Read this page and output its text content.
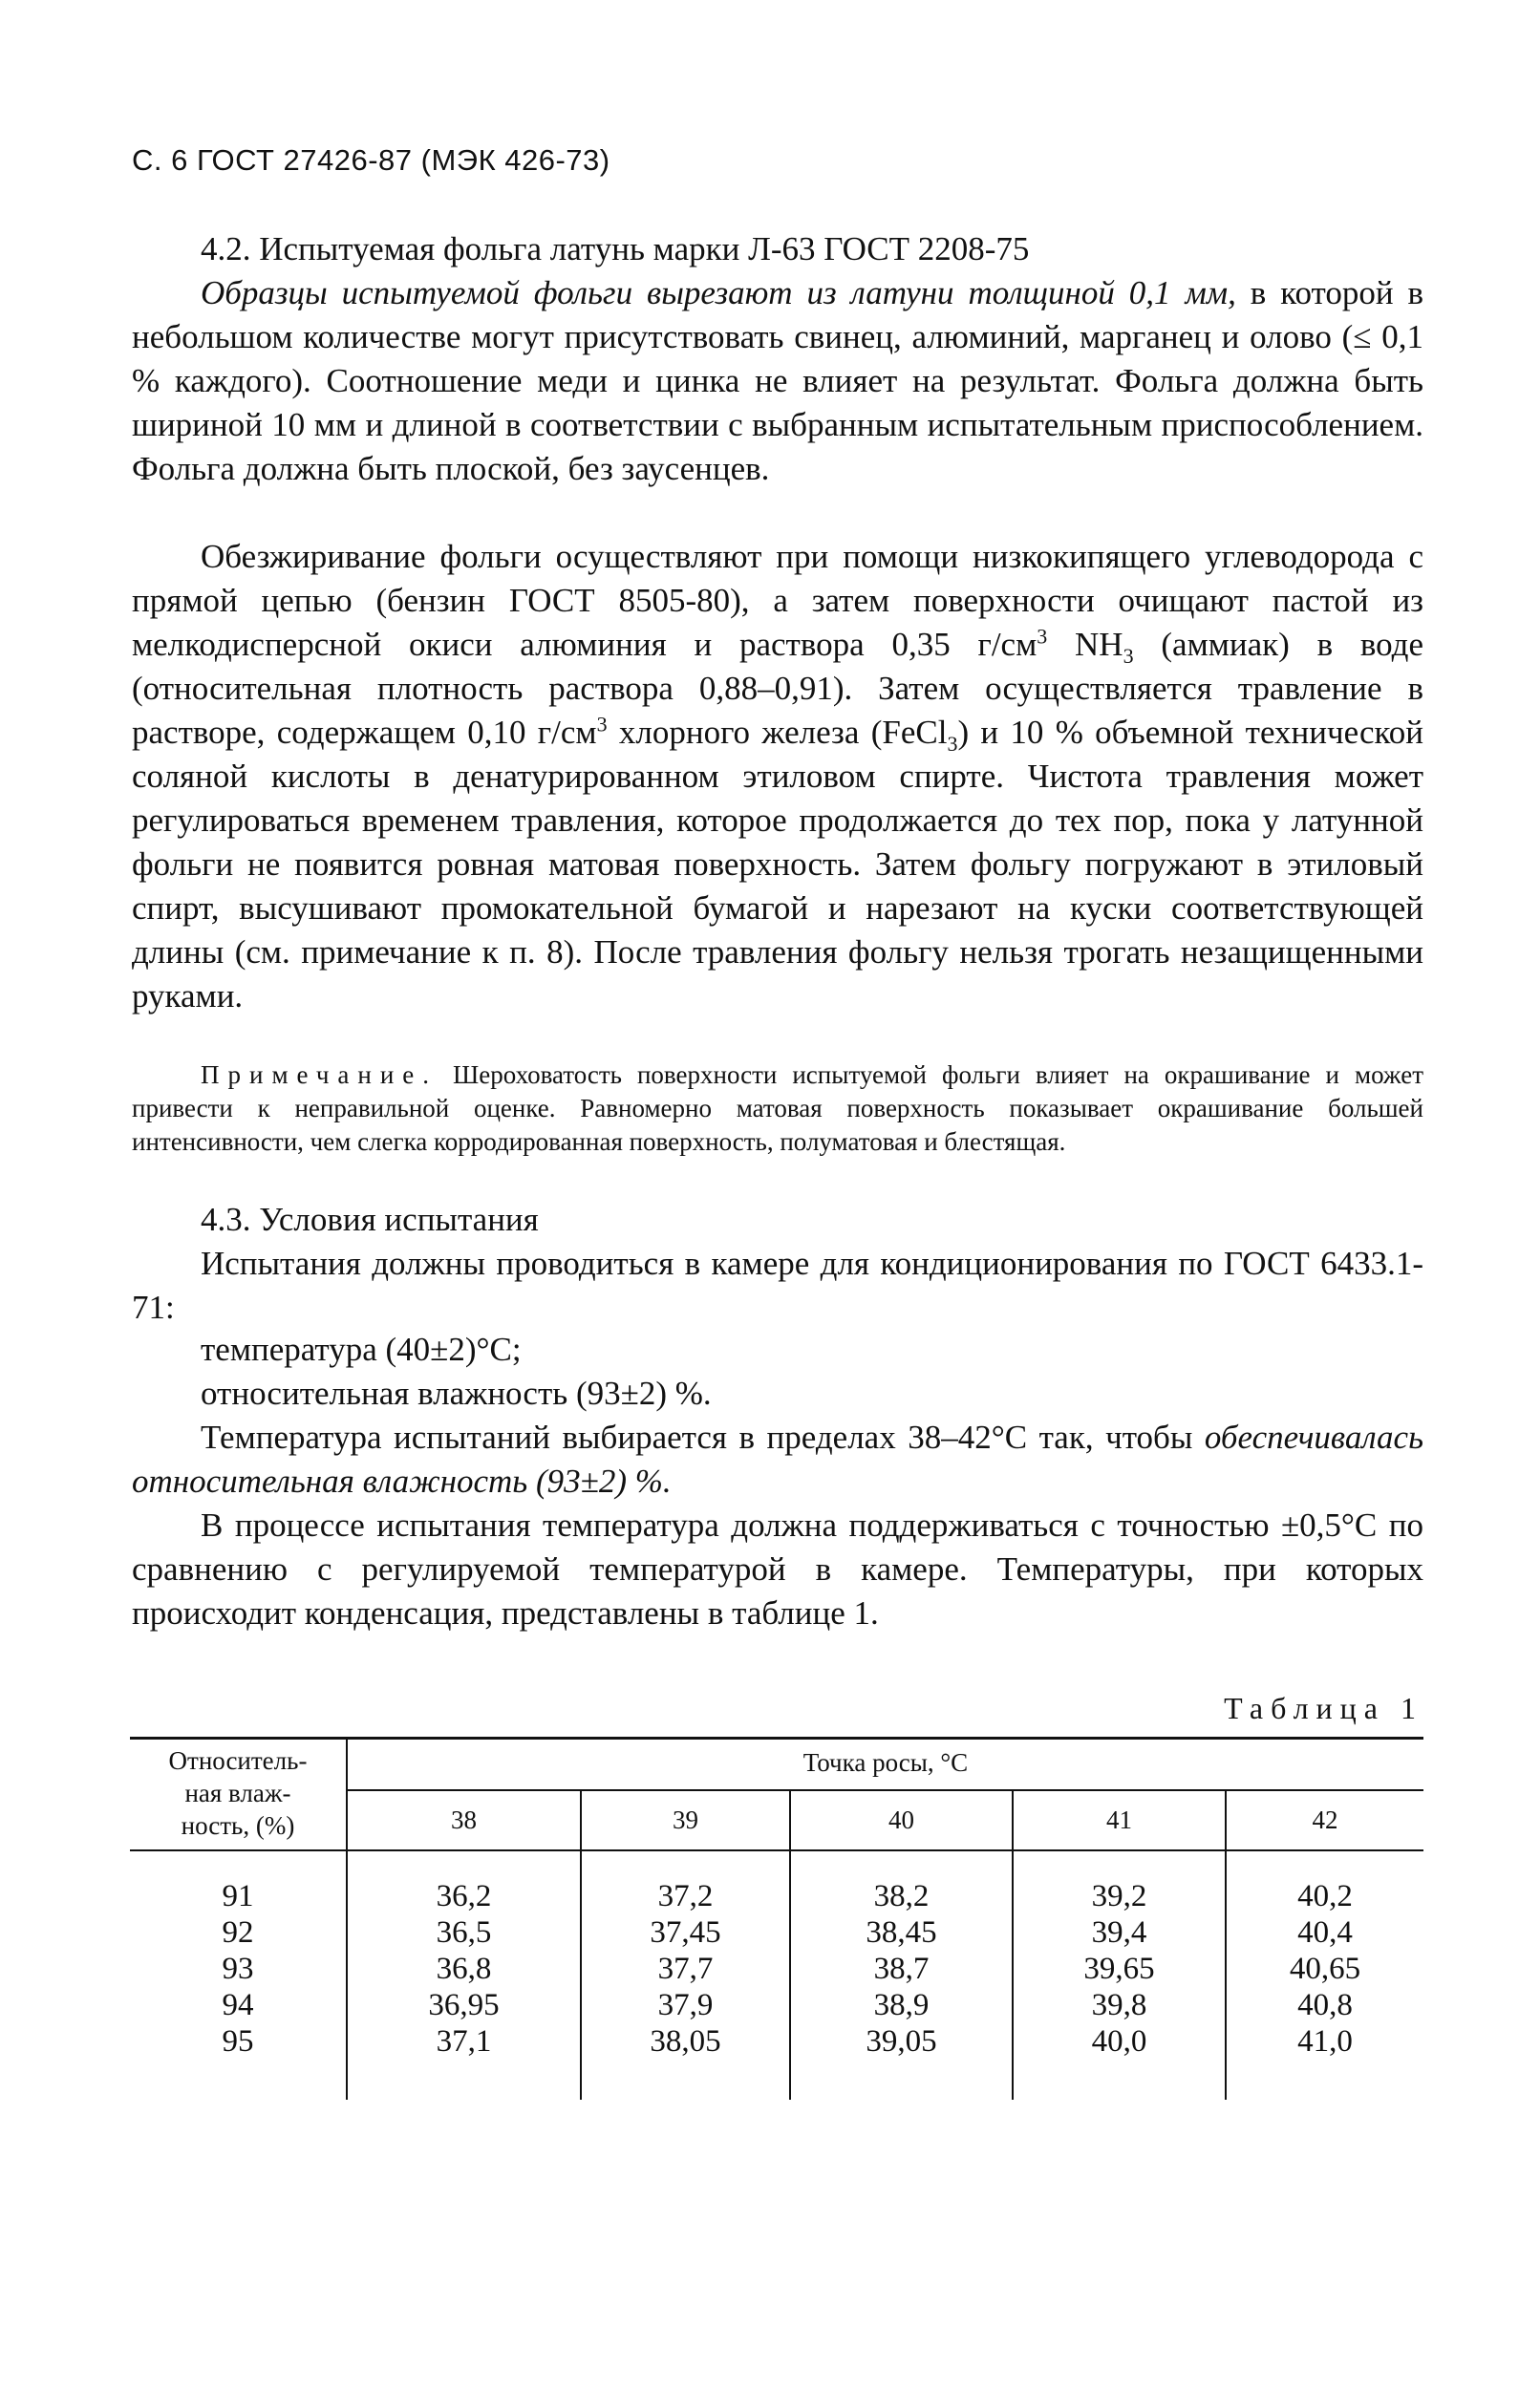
С. 6 ГОСТ 27426-87 (МЭК 426-73)

4.2. Испытуемая фольга латунь марки Л-63 ГОСТ 2208-75

Образцы испытуемой фольги вырезают из латуни толщиной 0,1 мм, в которой в небольшом количестве могут присутствовать свинец, алюминий, марганец и олово (≤ 0,1 % каждого). Соотношение меди и цинка не влияет на результат. Фольга должна быть шириной 10 мм и длиной в соответствии с выбранным испытательным приспособлением. Фольга должна быть плоской, без заусенцев.

Обезжиривание фольги осуществляют при помощи низкокипящего углеводорода с прямой цепью (бензин ГОСТ 8505-80), а затем поверхности очищают пастой из мелкодисперсной окиси алюминия и раствора 0,35 $г/см^3$ $NH_3$ (аммиак) в воде (относительная плотность раствора 0,88–0,91). Затем осуществляется травление в растворе, содержащем 0,10 $г/см^3$ хлорного железа (FeCl$_3$) и 10 % объемной технической соляной кислоты в денатурированном этиловом спирте. Чистота травления может регулироваться временем травления, которое продолжается до тех пор, пока у латунной фольги не появится ровная матовая поверхность. Затем фольгу погружают в этиловый спирт, высушивают промокательной бумагой и нарезают на куски соответствующей длины (см. примечание к п. 8). После травления фольгу нельзя трогать незащищенными руками.

Примечание. Шероховатость поверхности испытуемой фольги влияет на окрашивание и может привести к неправильной оценке. Равномерно матовая поверхность показывает окрашивание большей интенсивности, чем слегка корродированная поверхность, полуматовая и блестящая.

4.3. Условия испытания

Испытания должны проводиться в камере для кондиционирования по ГОСТ 6433.1-71:

температура (40±2)°С;

относительная влажность (93±2) %.

Температура испытаний выбирается в пределах 38–42°С так, чтобы обеспечивалась относительная влажность (93±2) %.

В процессе испытания температура должна поддерживаться с точностью ±0,5°С по сравнению с регулируемой температурой в камере. Температуры, при которых происходит конденсация, представлены в таблице 1.

Таблица 1
Относитель-
ная влаж-
ность, (%)
Точка росы, °С
38	39	40	41	42
91	36,2	37,2	38,2	39,2	40,2
92	36,5	37,45	38,45	39,4	40,4
93	36,8	37,7	38,7	39,65	40,65
94	36,95	37,9	38,9	39,8	40,8
95	37,1	38,05	39,05	40,0	41,0
